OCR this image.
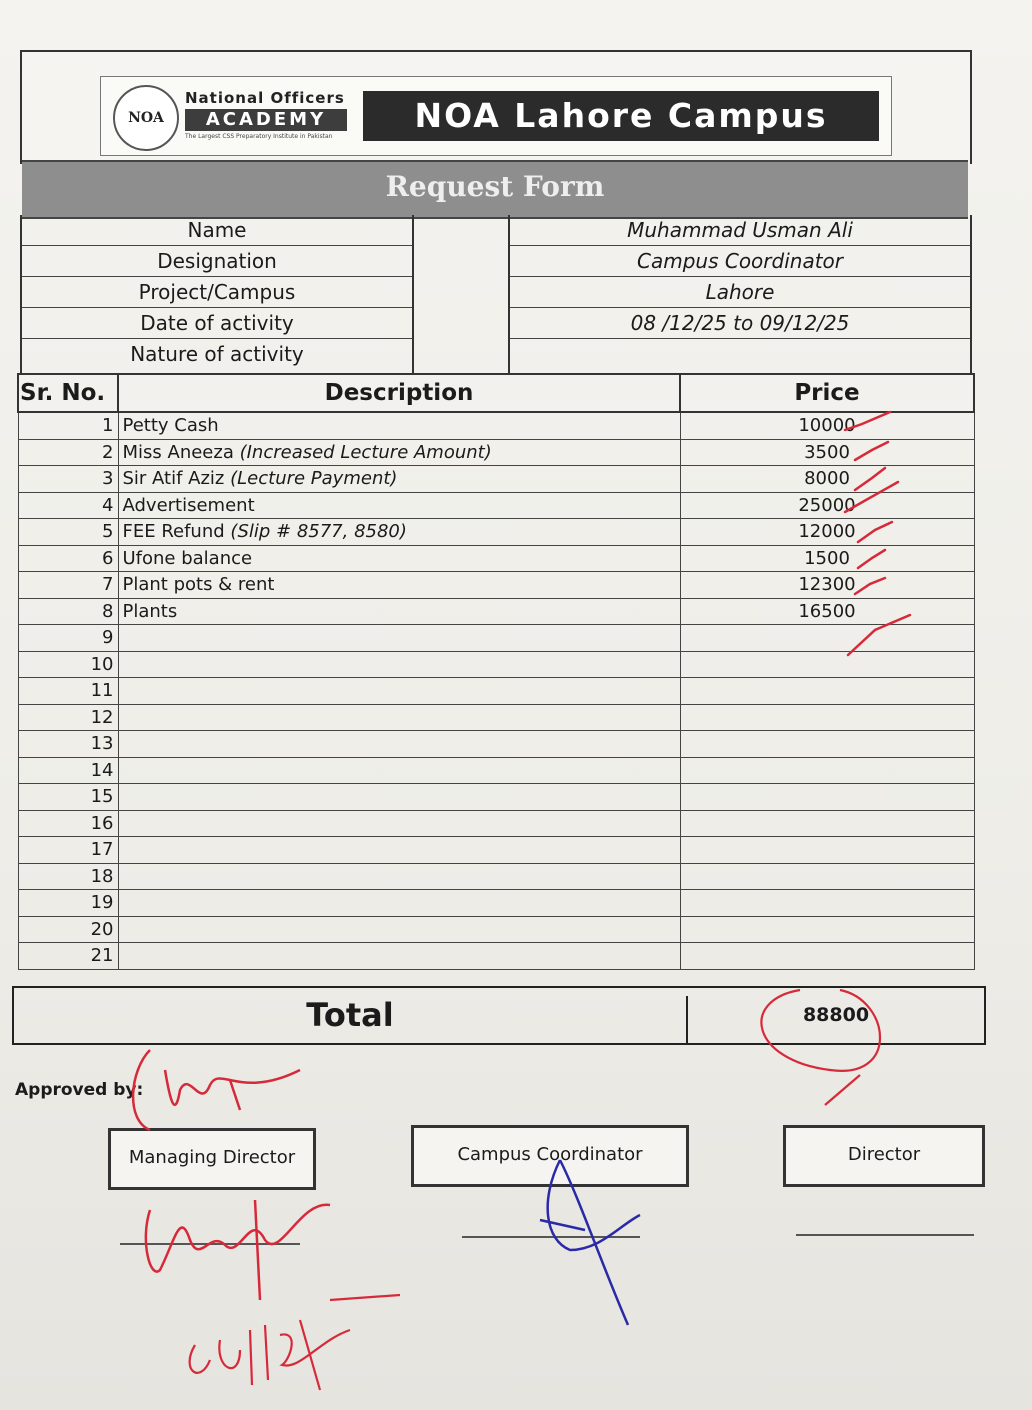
NOA
National Officers
ACADEMY
The Largest CSS Preparatory Institute in Pakistan
NOA Lahore Campus
Request Form
Name	Muhammad Usman Ali
Designation	Campus Coordinator
Project/Campus	Lahore
Date of activity	08 /12/25 to 09/12/25
Nature of activity
Sr. No.	Description	Price
1	Petty Cash	10000
2	Miss Aneeza (Increased Lecture Amount)	3500
3	Sir Atif Aziz (Lecture Payment)	8000
4	Advertisement	25000
5	FEE Refund (Slip # 8577, 8580)	12000
6	Ufone balance	1500
7	Plant pots & rent	12300
8	Plants	16500
9		
10		
11		
12		
13		
14		
15		
16		
17		
18		
19		
20		
21		
Total	88800
Approved by:
Managing Director	Campus Coordinator	Director
